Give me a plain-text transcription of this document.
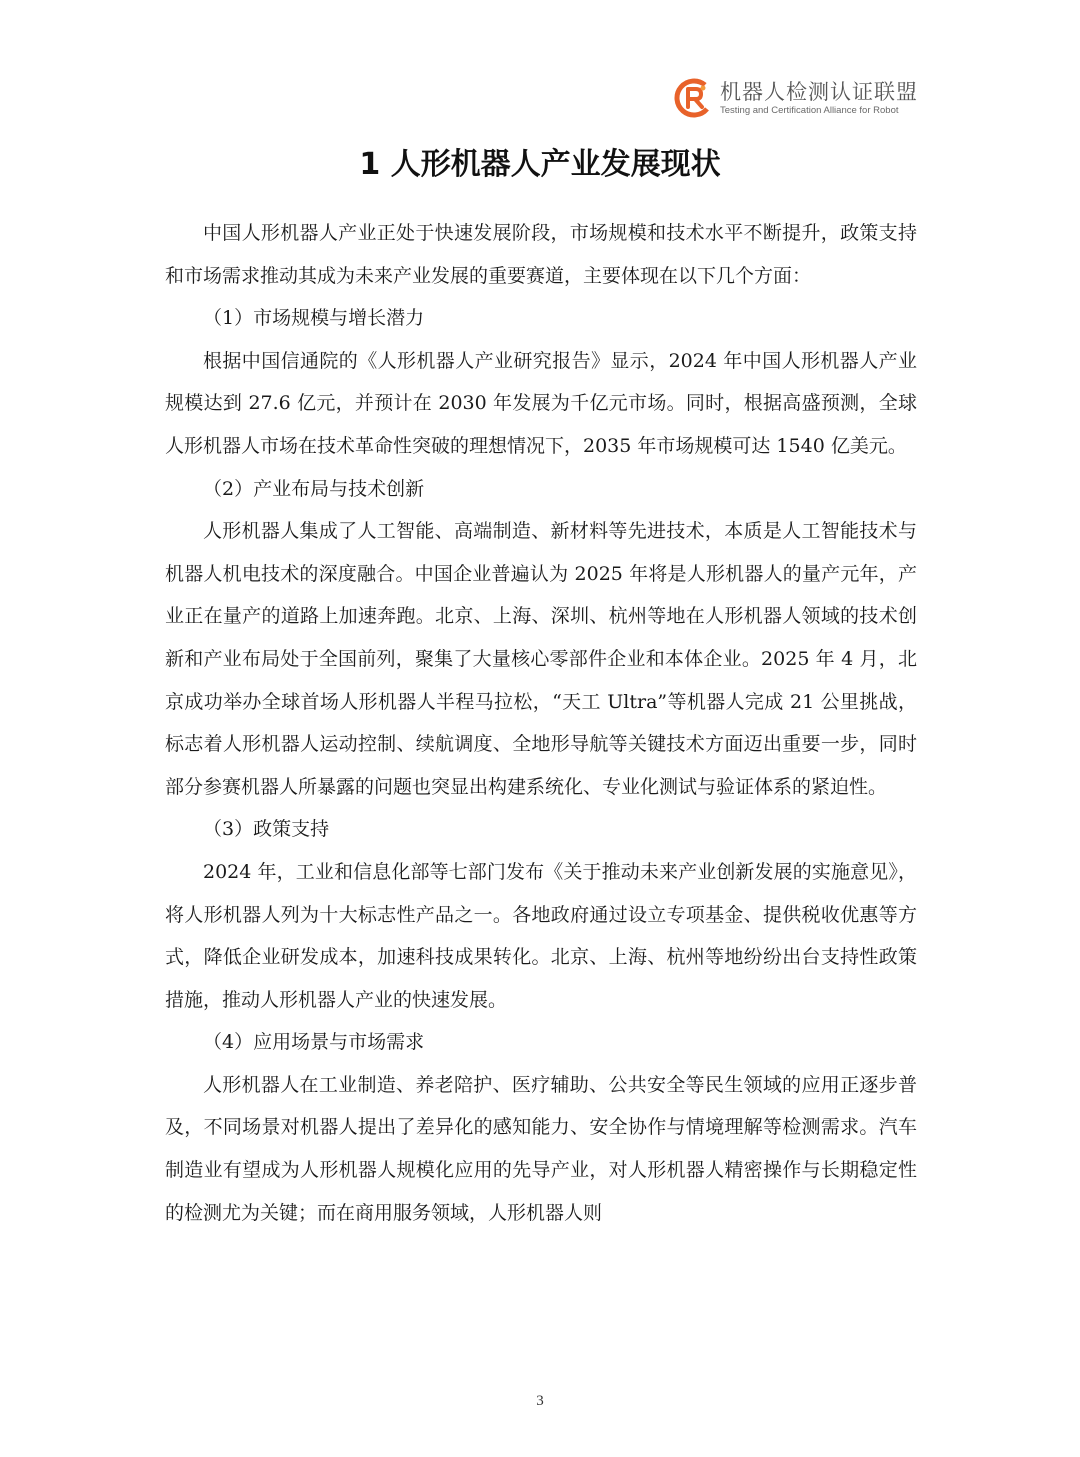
机器人检测认证联盟
Testing and Certification Alliance for Robot
1 人形机器人产业发展现状

中国人形机器人产业正处于快速发展阶段，市场规模和技术水平不断提升，政策支持和市场需求推动其成为未来产业发展的重要赛道，主要体现在以下几个方面：

（1）市场规模与增长潜力

根据中国信通院的《人形机器人产业研究报告》显示，2024 年中国人形机器人产业规模达到 27.6 亿元，并预计在 2030 年发展为千亿元市场。同时，根据高盛预测，全球人形机器人市场在技术革命性突破的理想情况下，2035 年市场规模可达 1540 亿美元。

（2）产业布局与技术创新

人形机器人集成了人工智能、高端制造、新材料等先进技术，本质是人工智能技术与机器人机电技术的深度融合。中国企业普遍认为 2025 年将是人形机器人的量产元年，产业正在量产的道路上加速奔跑。北京、上海、深圳、杭州等地在人形机器人领域的技术创新和产业布局处于全国前列，聚集了大量核心零部件企业和本体企业。2025 年 4 月，北京成功举办全球首场人形机器人半程马拉松，“天工 Ultra”等机器人完成 21 公里挑战，标志着人形机器人运动控制、续航调度、全地形导航等关键技术方面迈出重要一步，同时部分参赛机器人所暴露的问题也突显出构建系统化、专业化测试与验证体系的紧迫性。

（3）政策支持

2024 年，工业和信息化部等七部门发布《关于推动未来产业创新发展的实施意见》，将人形机器人列为十大标志性产品之一。各地政府通过设立专项基金、提供税收优惠等方式，降低企业研发成本，加速科技成果转化。北京、上海、杭州等地纷纷出台支持性政策措施，推动人形机器人产业的快速发展。

（4）应用场景与市场需求

人形机器人在工业制造、养老陪护、医疗辅助、公共安全等民生领域的应用正逐步普及，不同场景对机器人提出了差异化的感知能力、安全协作与情境理解等检测需求。汽车制造业有望成为人形机器人规模化应用的先导产业，对人形机器人精密操作与长期稳定性的检测尤为关键；而在商用服务领域，人形机器人则

3
